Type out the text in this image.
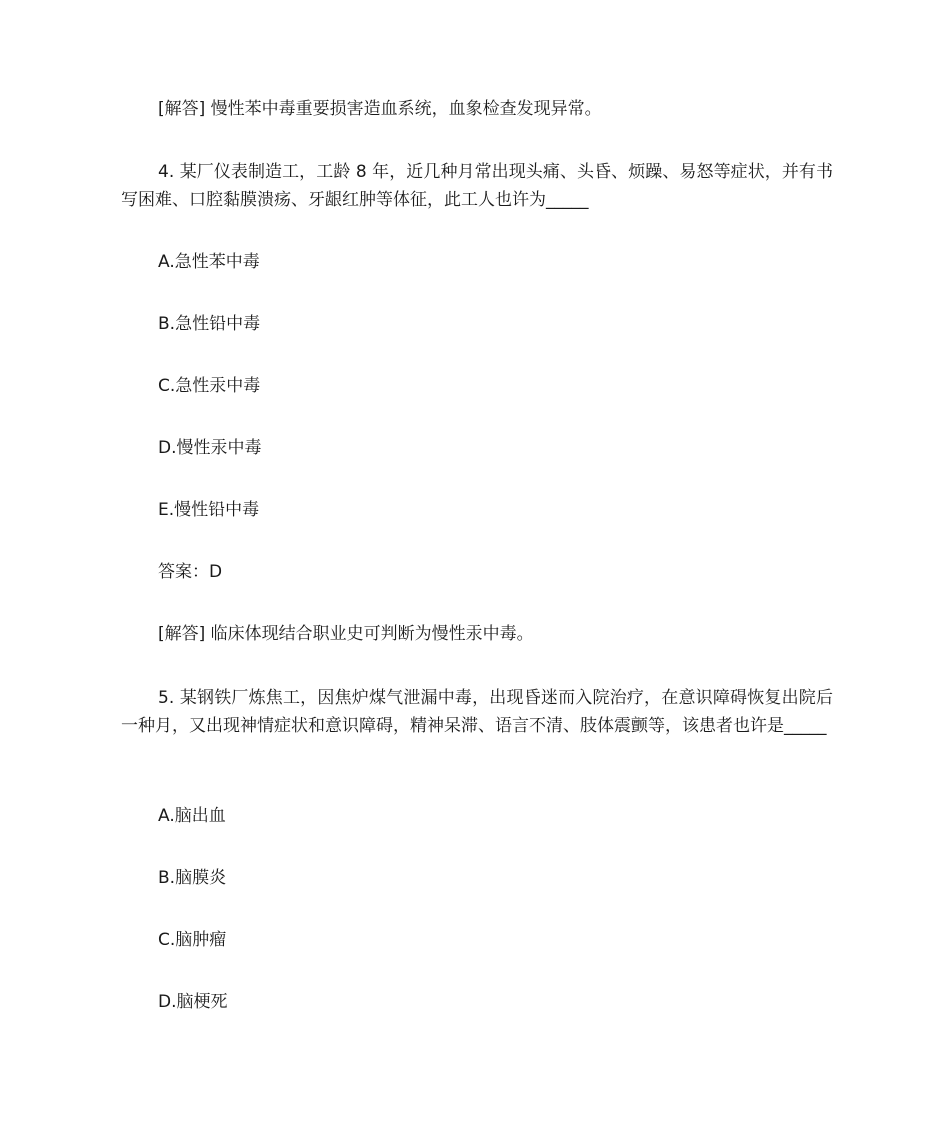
[解答] 慢性苯中毒重要损害造血系统，血象检查发现异常。
4. 某厂仪表制造工，工龄 8 年，近几种月常出现头痛、头昏、烦躁、易怒等症状，并有书写困难、口腔黏膜溃疡、牙龈红肿等体征，此工人也许为_____
A.急性苯中毒
B.急性铅中毒
C.急性汞中毒
D.慢性汞中毒
E.慢性铅中毒
答案：D
[解答] 临床体现结合职业史可判断为慢性汞中毒。
5. 某钢铁厂炼焦工，因焦炉煤气泄漏中毒，出现昏迷而入院治疗，在意识障碍恢复出院后一种月，又出现神情症状和意识障碍，精神呆滞、语言不清、肢体震颤等，该患者也许是_____
A.脑出血
B.脑膜炎
C.脑肿瘤
D.脑梗死
